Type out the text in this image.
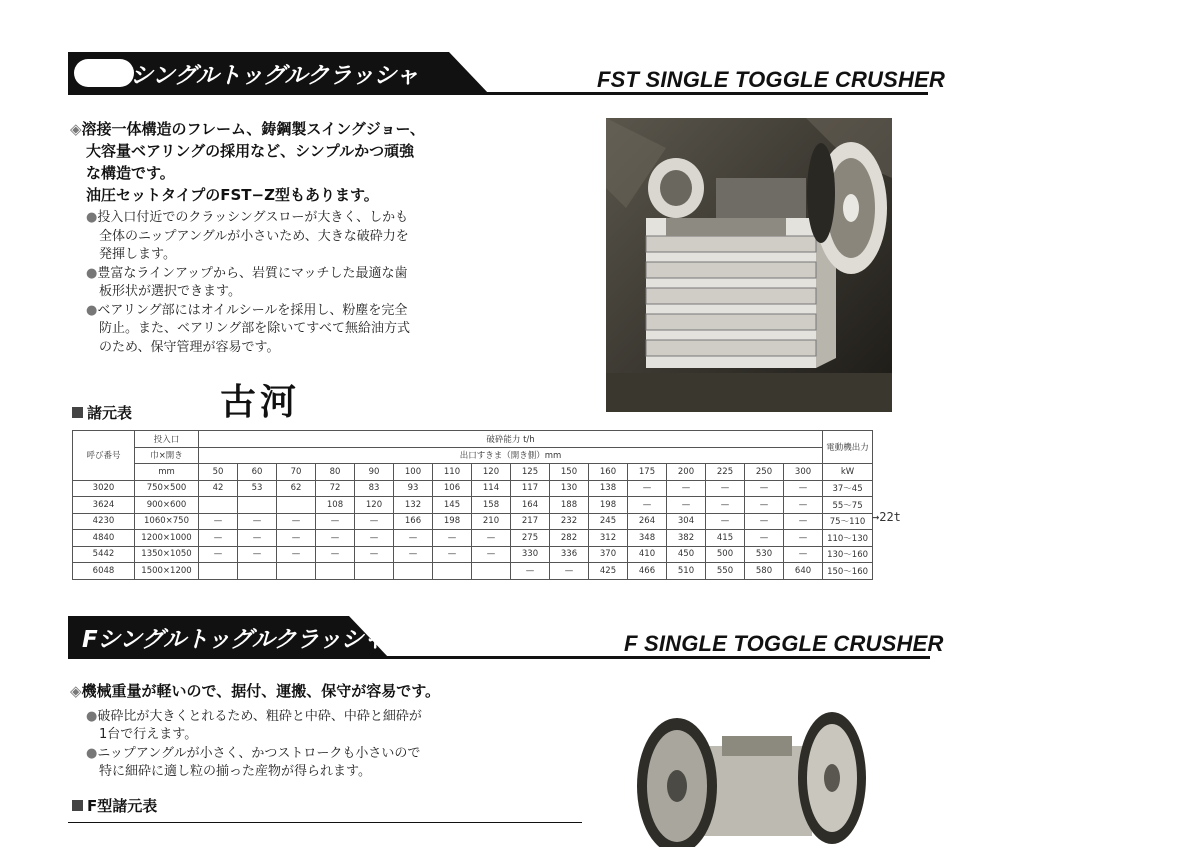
シングルトッグルクラッシャ	FST SINGLE TOGGLE CRUSHER
◈溶接一体構造のフレーム、鋳鋼製スイングジョー、
大容量ベアリングの採用など、シンプルかつ頑強
な構造です。
油圧セットタイプのFST−Z型もあります。
●投入口付近でのクラッシングスローが大きく、しかも
全体のニップアングルが小さいため、大きな破砕力を
発揮します。
●豊富なラインアップから、岩質にマッチした最適な歯
板形状が選択できます。
●ベアリング部にはオイルシールを採用し、粉塵を完全
防止。また、ベアリング部を除いてすべて無給油方式
のため、保守管理が容易です。
諸元表 古河
呼び番号	投入口	破砕能力 t/h																電動機出力
	巾×開き	出口すきま（開き側）mm																
	mm	50	60	70	80	90	100	110	120	125	150	160	175	200	225	250	300	kW
3020	750×500	42	53	62	72	83	93	106	114	117	130	138	—	—	—	—	—	37〜45
3624	900×600				108	120	132	145	158	164	188	198	—	—	—	—	—	55〜75
4230	1060×750	—	—	—	—	—	166	198	210	217	232	245	264	304	—	—	—	75〜110
4840	1200×1000	—	—	—	—	—	—	—	—	275	282	312	348	382	415	—	—	110〜130
5442	1350×1050	—	—	—	—	—	—	—	—	330	336	370	410	450	500	530	—	130〜160
6048	1500×1200									—	—	425	466	510	550	580	640	150〜160
→22t
Fシングルトッグルクラッシャ	F SINGLE TOGGLE CRUSHER
◈機械重量が軽いので、据付、運搬、保守が容易です。
●破砕比が大きくとれるため、粗砕と中砕、中砕と細砕が
1台で行えます。
●ニップアングルが小さく、かつストロークも小さいので
特に細砕に適し粒の揃った産物が得られます。
F型諸元表
